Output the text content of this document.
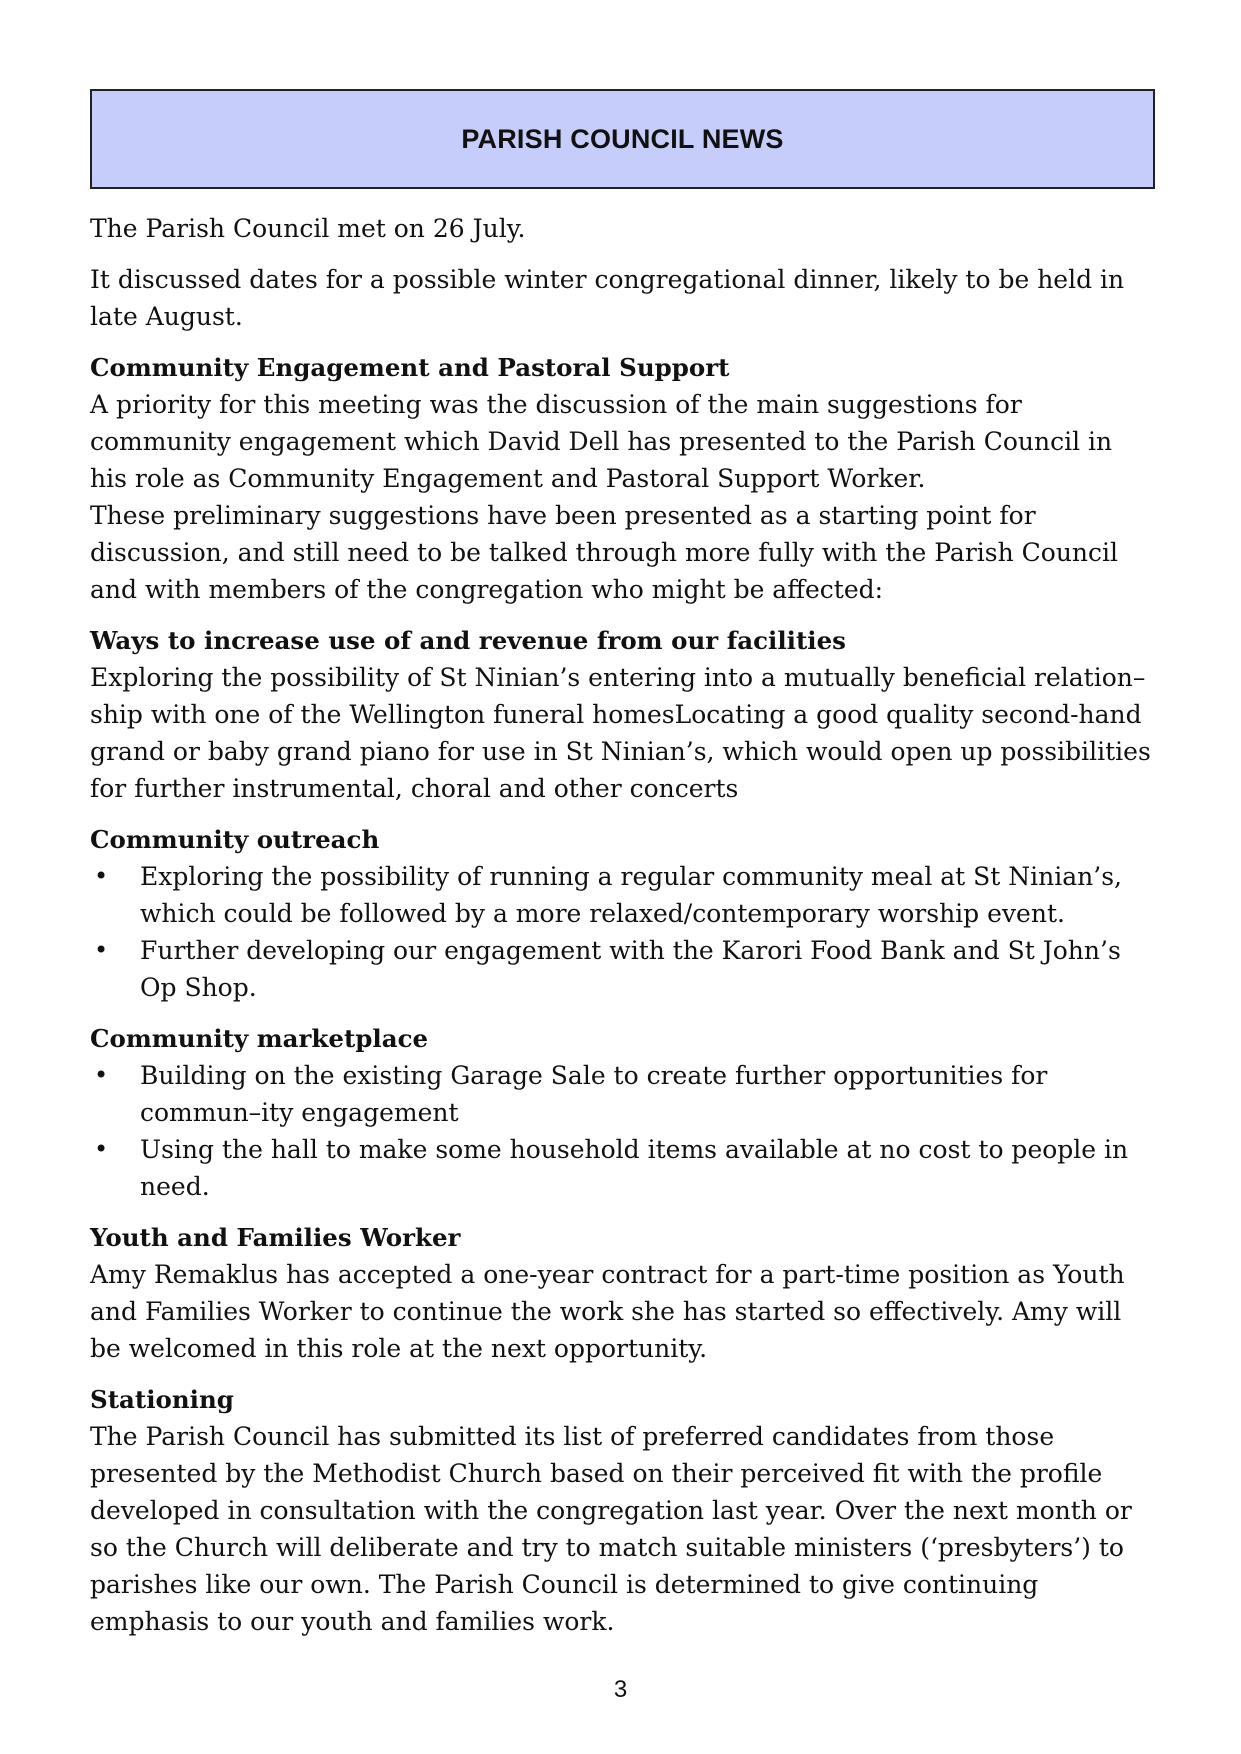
PARISH COUNCIL NEWS

The Parish Council met on 26 July.

It discussed dates for a possible winter congregational dinner, likely to be held in late August.

Community Engagement and Pastoral Support

A priority for this meeting was the discussion of the main suggestions for community engagement which David Dell has presented to the Parish Council in his role as Community Engagement and Pastoral Support Worker.

These preliminary suggestions have been presented as a starting point for discussion, and still need to be talked through more fully with the Parish Council and with members of the congregation who might be affected:

Ways to increase use of and revenue from our facilities

Exploring the possibility of St Ninian’s entering into a mutually beneficial relation–ship with one of the Wellington funeral homesLocating a good quality second-hand grand or baby grand piano for use in St Ninian’s, which would open up possibilities for further instrumental, choral and other concerts

Community outreach

• Exploring the possibility of running a regular community meal at St Ninian’s, which could be followed by a more relaxed/contemporary worship event.
• Further developing our engagement with the Karori Food Bank and St John’s Op Shop.

Community marketplace

• Building on the existing Garage Sale to create further opportunities for commun–ity engagement
• Using the hall to make some household items available at no cost to people in need.

Youth and Families Worker

Amy Remaklus has accepted a one-year contract for a part-time position as Youth and Families Worker to continue the work she has started so effectively. Amy will be welcomed in this role at the next opportunity.

Stationing

The Parish Council has submitted its list of preferred candidates from those presented by the Methodist Church based on their perceived fit with the profile developed in consultation with the congregation last year. Over the next month or so the Church will deliberate and try to match suitable ministers (‘presbyters’) to parishes like our own. The Parish Council is determined to give continuing emphasis to our youth and families work.

3
